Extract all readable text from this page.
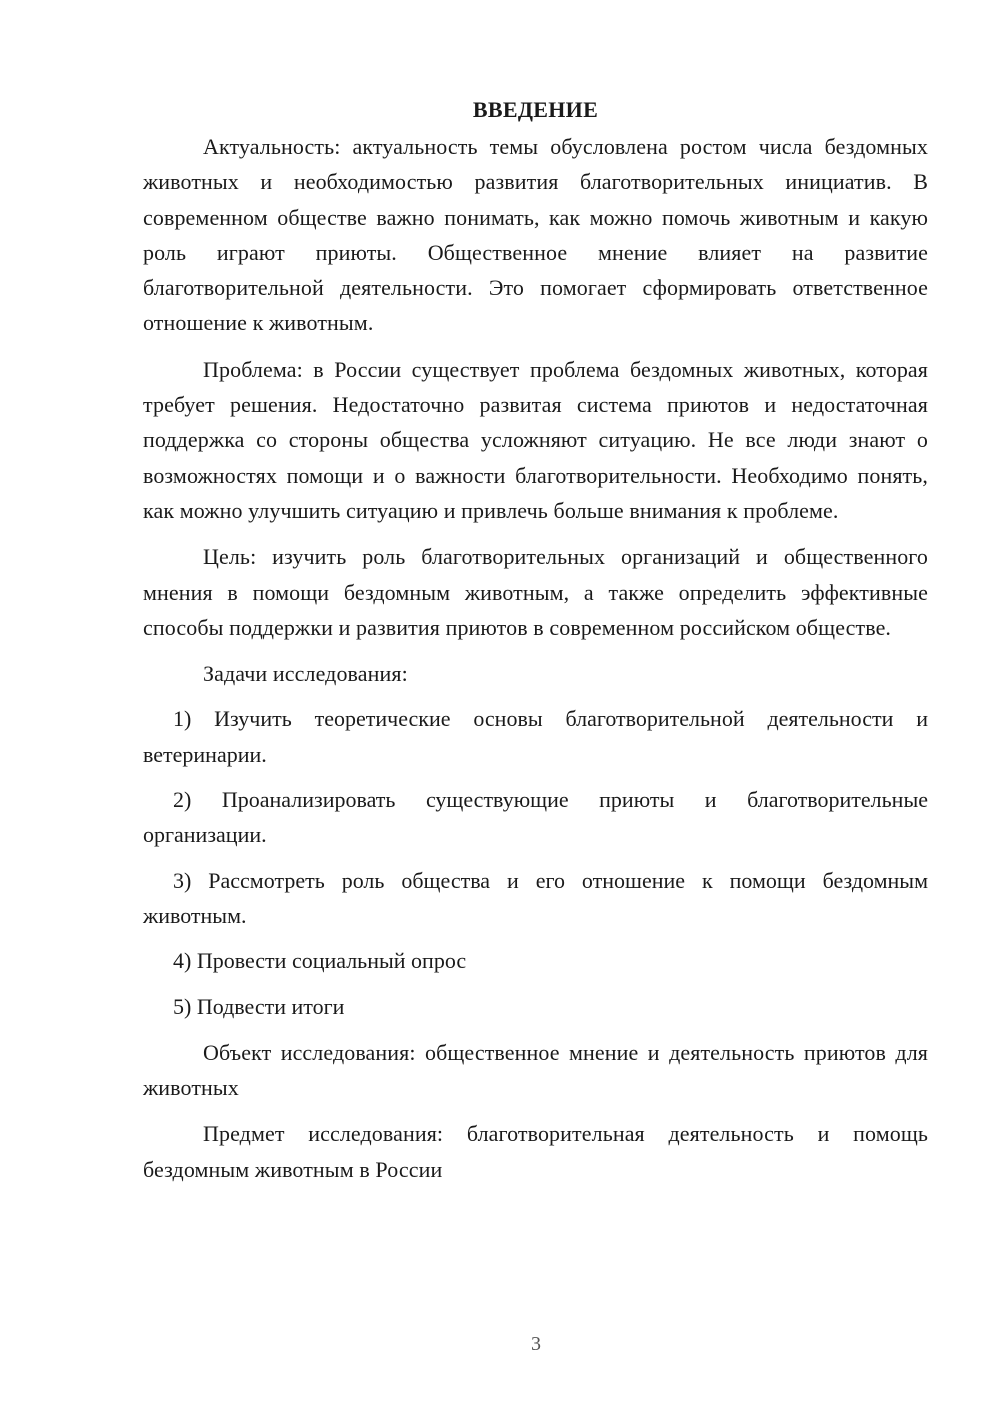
ВВЕДЕНИЕ

Актуальность: актуальность темы обусловлена ростом числа бездомных животных и необходимостью развития благотворительных инициатив. В современном обществе важно понимать, как можно помочь животным и какую роль играют приюты. Общественное мнение влияет на развитие благотворительной деятельности. Это помогает сформировать ответственное отношение к животным.

Проблема: в России существует проблема бездомных животных, которая требует решения. Недостаточно развитая система приютов и недостаточная поддержка со стороны общества усложняют ситуацию. Не все люди знают о возможностях помощи и о важности благотворительности. Необходимо понять, как можно улучшить ситуацию и привлечь больше внимания к проблеме.

Цель: изучить роль благотворительных организаций и общественного мнения в помощи бездомным животным, а также определить эффективные способы поддержки и развития приютов в современном российском обществе.

Задачи исследования:

1) Изучить теоретические основы благотворительной деятельности и ветеринарии.

2) Проанализировать существующие приюты и благотворительные организации.

3) Рассмотреть роль общества и его отношение к помощи бездомным животным.

4) Провести социальный опрос

5) Подвести итоги

Объект исследования: общественное мнение и деятельность приютов для животных

Предмет исследования: благотворительная деятельность и помощь бездомным животным в России

3
